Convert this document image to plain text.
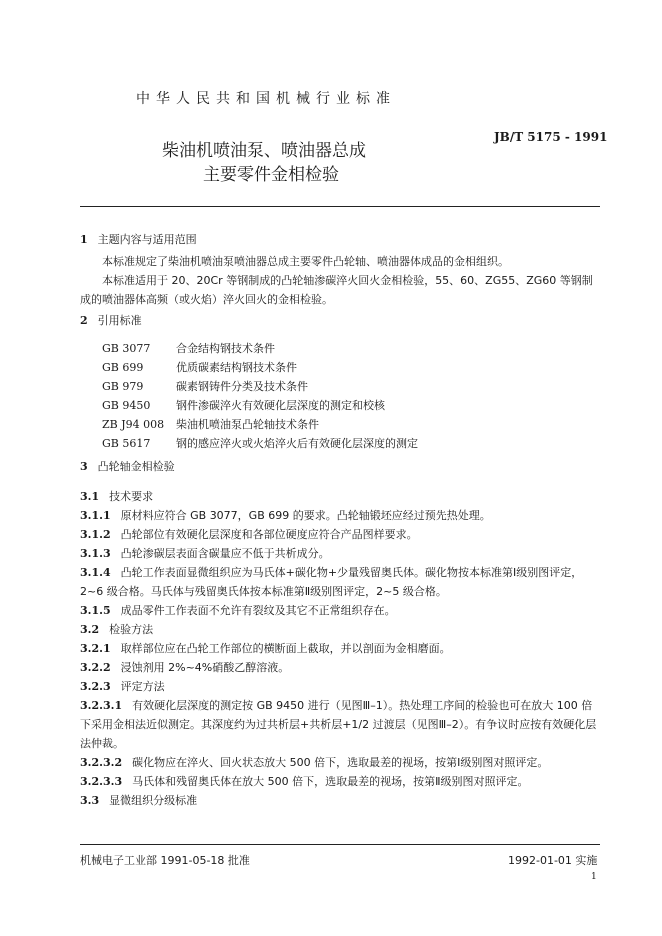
中华人民共和国机械行业标准
柴油机喷油泵、喷油器总成
主要零件金相检验
JB/T 5175 - 1991
1 主题内容与适用范围
本标准规定了柴油机喷油泵喷油器总成主要零件凸轮轴、喷油器体成品的金相组织。
本标准适用于 20、20Cr 等钢制成的凸轮轴渗碳淬火回火金相检验，55、60、ZG55、ZG60 等钢制成的喷油器体高频（或火焰）淬火回火的金相检验。
2 引用标准
GB 3077 合金结构钢技术条件
GB 699	优质碳素结构钢技术条件
GB 979	碳素钢铸件分类及技术条件
GB 9450 钢件渗碳淬火有效硬化层深度的测定和校核
ZB J94 008 柴油机喷油泵凸轮轴技术条件
GB 5617 钢的感应淬火或火焰淬火后有效硬化层深度的测定
3 凸轮轴金相检验
3.1 技术要求
3.1.1 原材料应符合 GB 3077，GB 699 的要求。凸轮轴锻坯应经过预先热处理。
3.1.2 凸轮部位有效硬化层深度和各部位硬度应符合产品图样要求。
3.1.3 凸轮渗碳层表面含碳量应不低于共析成分。
3.1.4 凸轮工作表面显微组织应为马氏体+碳化物+少量残留奥氏体。碳化物按本标准第Ⅰ级别图评定，2~6 级合格。马氏体与残留奥氏体按本标准第Ⅱ级别图评定，2~5 级合格。
3.1.5 成品零件工作表面不允许有裂纹及其它不正常组织存在。
3.2 检验方法
3.2.1 取样部位应在凸轮工作部位的横断面上截取，并以剖面为金相磨面。
3.2.2 浸蚀剂用 2%~4%硝酸乙醇溶液。
3.2.3 评定方法
3.2.3.1 有效硬化层深度的测定按 GB 9450 进行（见图Ⅲ–1）。热处理工序间的检验也可在放大 100 倍下采用金相法近似测定。其深度约为过共析层+共析层+1/2 过渡层（见图Ⅲ–2）。有争议时应按有效硬化层法仲裁。
3.2.3.2 碳化物应在淬火、回火状态放大 500 倍下，选取最差的视场，按第Ⅰ级别图对照评定。
3.2.3.3 马氏体和残留奥氏体在放大 500 倍下，选取最差的视场，按第Ⅱ级别图对照评定。
3.3 显微组织分级标准
机械电子工业部 1991-05-18 批准	1992-01-01 实施
1
